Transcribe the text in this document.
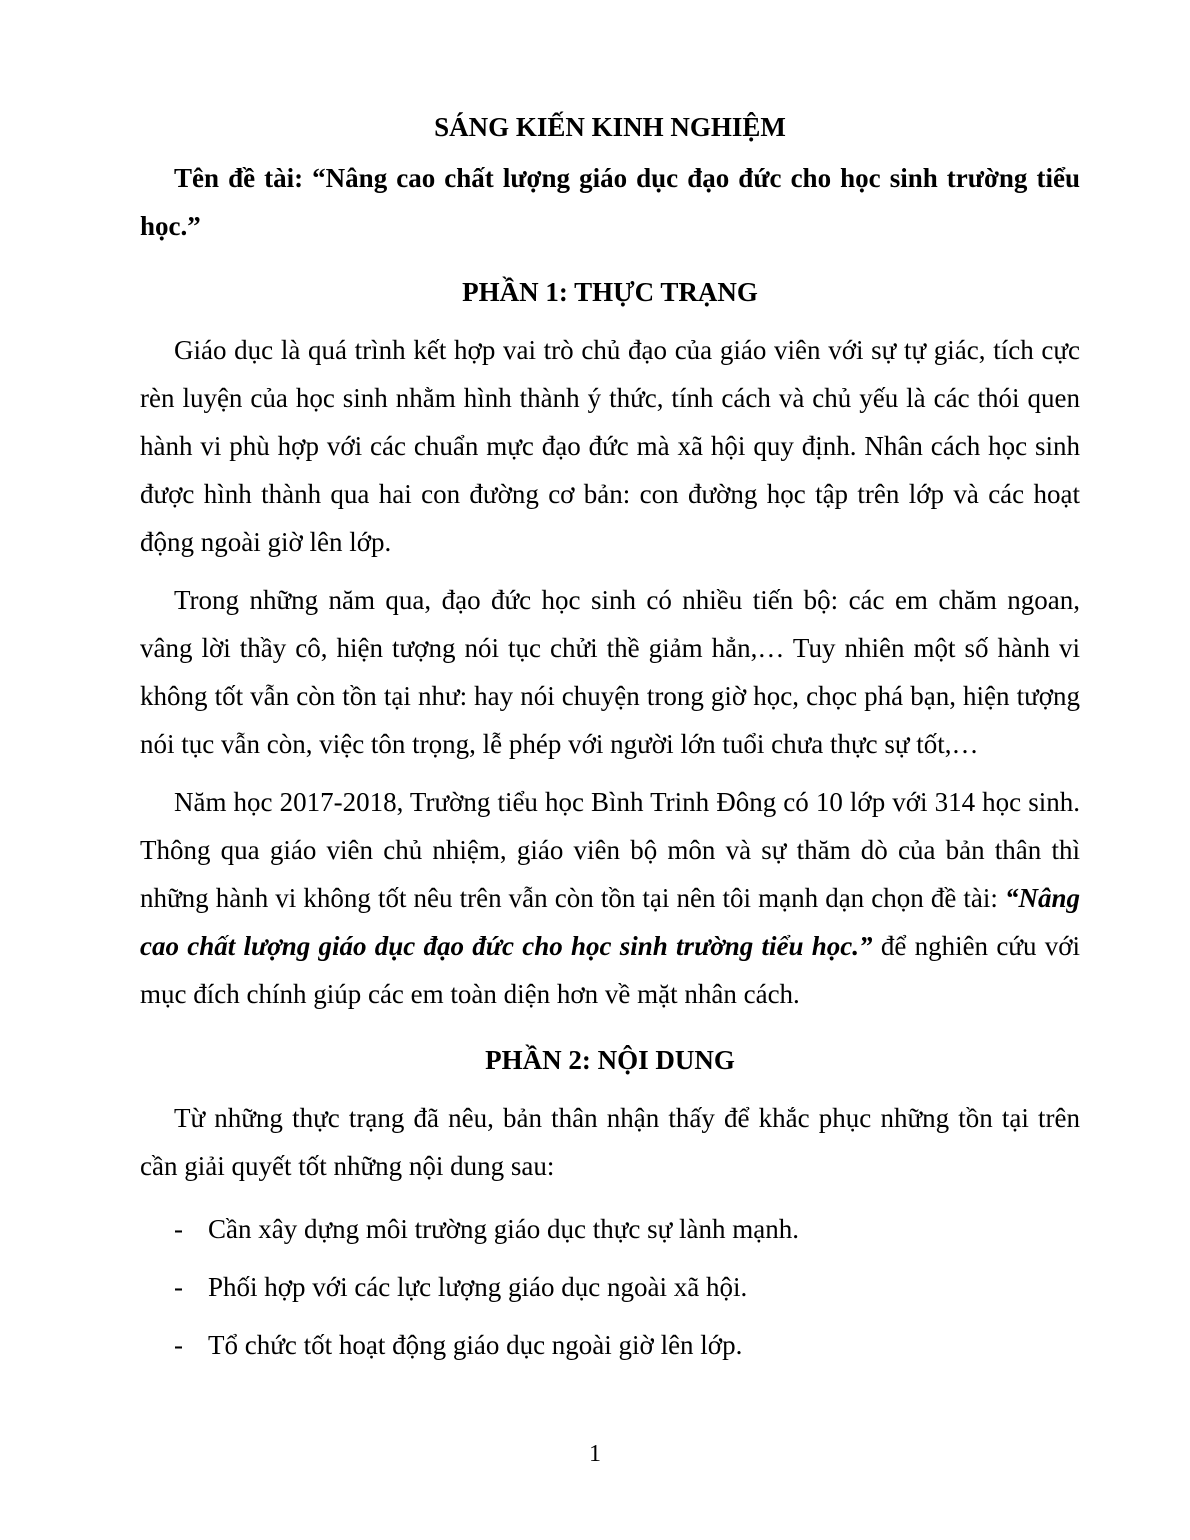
SÁNG KIẾN KINH NGHIỆM

Tên đề tài: “Nâng cao chất lượng giáo dục đạo đức cho học sinh trường tiểu học.”

PHẦN 1: THỰC TRẠNG

Giáo dục là quá trình kết hợp vai trò chủ đạo của giáo viên với sự tự giác, tích cực rèn luyện của học sinh nhằm hình thành ý thức, tính cách và chủ yếu là các thói quen hành vi phù hợp với các chuẩn mực đạo đức mà xã hội quy định. Nhân cách học sinh được hình thành qua hai con đường cơ bản: con đường học tập trên lớp và các hoạt động ngoài giờ lên lớp.

Trong những năm qua, đạo đức học sinh có nhiều tiến bộ: các em chăm ngoan, vâng lời thầy cô, hiện tượng nói tục chửi thề giảm hẳn,… Tuy nhiên một số hành vi không tốt vẫn còn tồn tại như: hay nói chuyện trong giờ học, chọc phá bạn, hiện tượng nói tục vẫn còn, việc tôn trọng, lễ phép với người lớn tuổi chưa thực sự tốt,…

Năm học 2017-2018, Trường tiểu học Bình Trinh Đông có 10 lớp với 314 học sinh. Thông qua giáo viên chủ nhiệm, giáo viên bộ môn và sự thăm dò của bản thân thì những hành vi không tốt nêu trên vẫn còn tồn tại nên tôi mạnh dạn chọn đề tài: “Nâng cao chất lượng giáo dục đạo đức cho học sinh trường tiểu học.” để nghiên cứu với mục đích chính giúp các em toàn diện hơn về mặt nhân cách.

PHẦN 2: NỘI DUNG

Từ những thực trạng đã nêu, bản thân nhận thấy để khắc phục những tồn tại trên cần giải quyết tốt những nội dung sau:

- Cần xây dựng môi trường giáo dục thực sự lành mạnh.
- Phối hợp với các lực lượng giáo dục ngoài xã hội.
- Tổ chức tốt hoạt động giáo dục ngoài giờ lên lớp.
1
